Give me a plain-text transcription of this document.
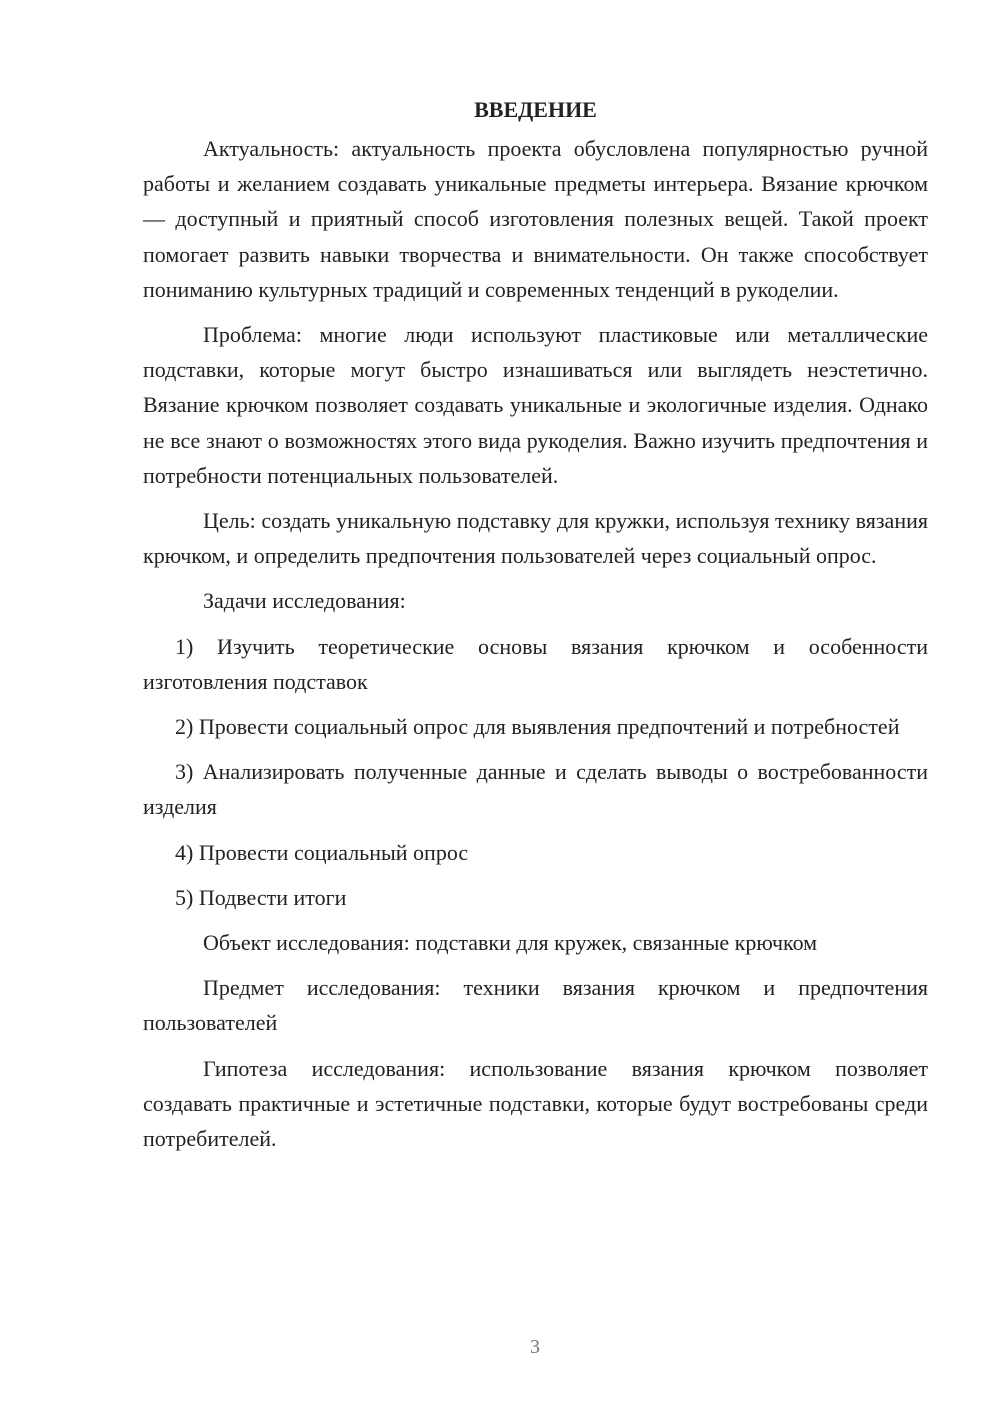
ВВЕДЕНИЕ

Актуальность: актуальность проекта обусловлена популярностью ручной работы и желанием создавать уникальные предметы интерьера. Вязание крючком — доступный и приятный способ изготовления полезных вещей. Такой проект помогает развить навыки творчества и внимательности. Он также способствует пониманию культурных традиций и современных тенденций в рукоделии.

Проблема: многие люди используют пластиковые или металлические подставки, которые могут быстро изнашиваться или выглядеть неэстетично. Вязание крючком позволяет создавать уникальные и экологичные изделия. Однако не все знают о возможностях этого вида рукоделия. Важно изучить предпочтения и потребности потенциальных пользователей.

Цель: создать уникальную подставку для кружки, используя технику вязания крючком, и определить предпочтения пользователей через социальный опрос.

Задачи исследования:

1) Изучить теоретические основы вязания крючком и особенности изготовления подставок

2) Провести социальный опрос для выявления предпочтений и потребностей

3) Анализировать полученные данные и сделать выводы о востребованности изделия

4) Провести социальный опрос

5) Подвести итоги

Объект исследования: подставки для кружек, связанные крючком

Предмет исследования: техники вязания крючком и предпочтения пользователей

Гипотеза исследования: использование вязания крючком позволяет создавать практичные и эстетичные подставки, которые будут востребованы среди потребителей.

3
